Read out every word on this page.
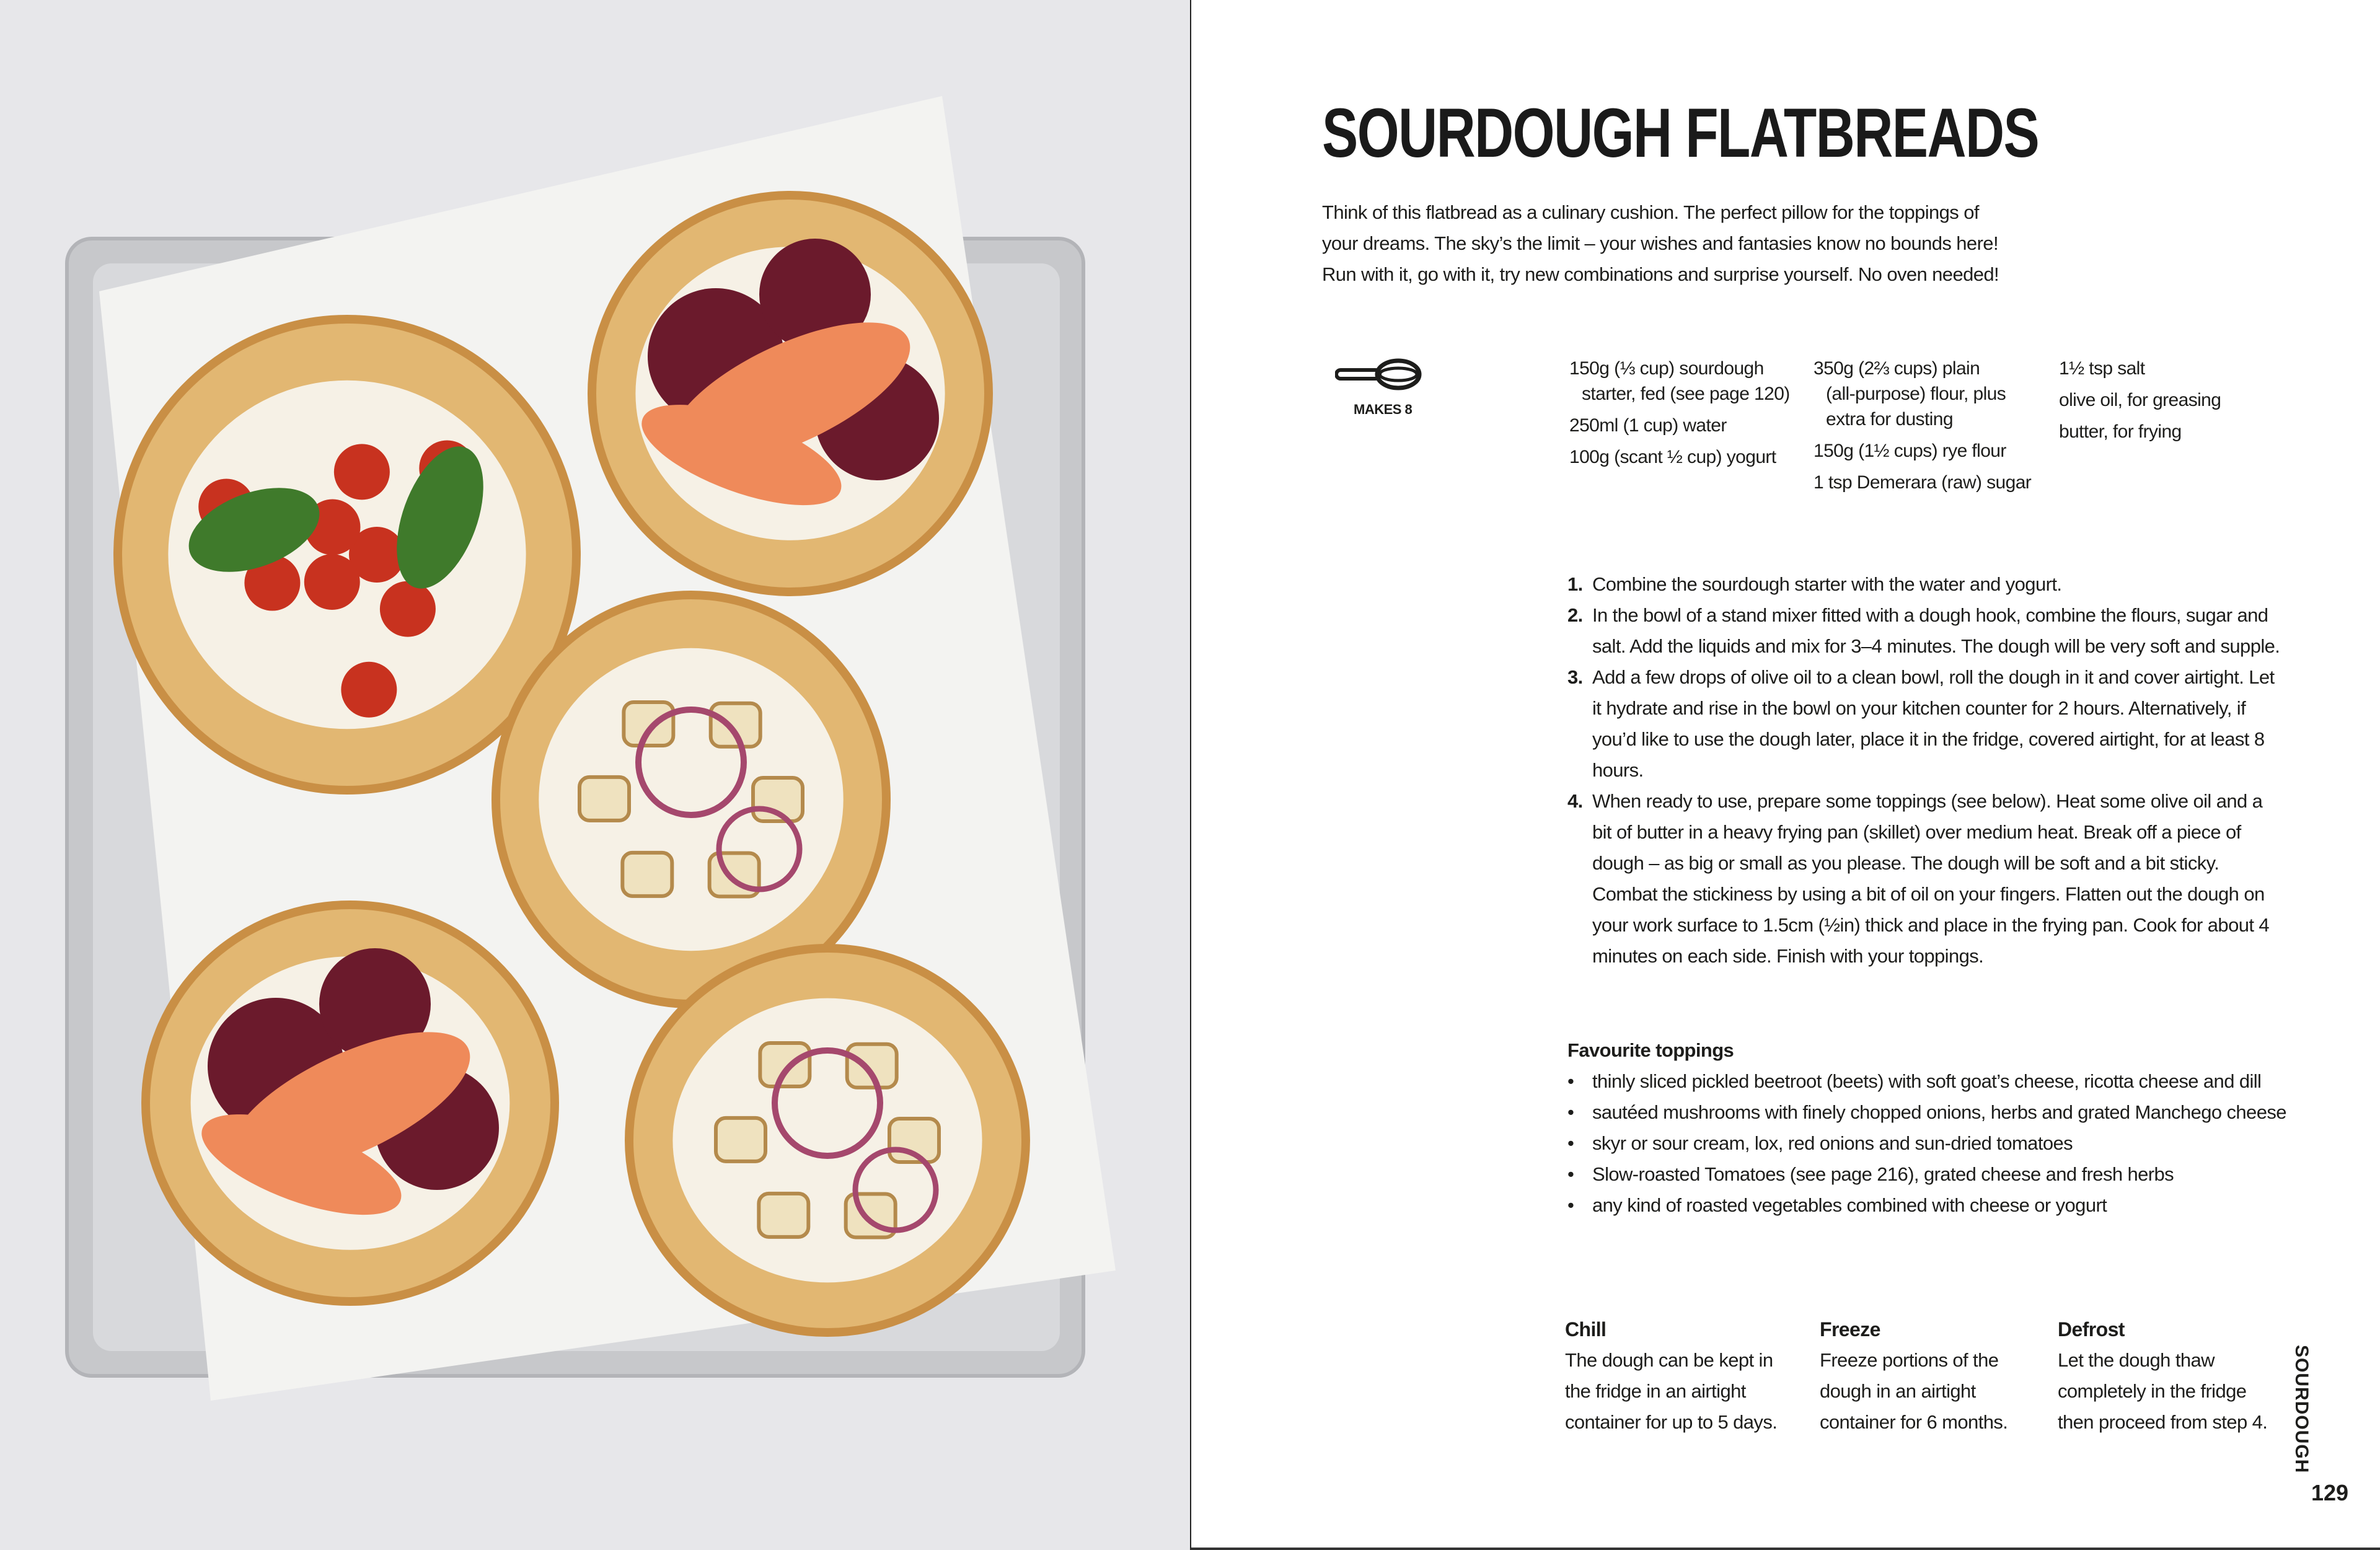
SOURDOUGH FLATBREADS
Think of this flatbread as a culinary cushion. The perfect pillow for the toppings of
your dreams. The sky’s the limit – your wishes and fantasies know no bounds here!
Run with it, go with it, try new combinations and surprise yourself. No oven needed!
MAKES 8
150g (⅓ cup) sourdough
starter, fed (see page 120)
250ml (1 cup) water
100g (scant ½ cup) yogurt
350g (2⅔ cups) plain
(all-purpose) flour, plus
extra for dusting
150g (1½ cups) rye flour
1 tsp Demerara (raw) sugar
1½ tsp salt
olive oil, for greasing
butter, for frying
1. Combine the sourdough starter with the water and yogurt.
2. In the bowl of a stand mixer fitted with a dough hook, combine the flours, sugar and salt. Add the liquids and mix for 3–4 minutes. The dough will be very soft and supple.
3. Add a few drops of olive oil to a clean bowl, roll the dough in it and cover airtight. Let it hydrate and rise in the bowl on your kitchen counter for 2 hours. Alternatively, if you’d like to use the dough later, place it in the fridge, covered airtight, for at least 8 hours.
4. When ready to use, prepare some toppings (see below). Heat some olive oil and a bit of butter in a heavy frying pan (skillet) over medium heat. Break off a piece of dough – as big or small as you please. The dough will be soft and a bit sticky. Combat the stickiness by using a bit of oil on your fingers. Flatten out the dough on your work surface to 1.5cm (½in) thick and place in the frying pan. Cook for about 4 minutes on each side. Finish with your toppings.
Favourite toppings
• thinly sliced pickled beetroot (beets) with soft goat’s cheese, ricotta cheese and dill
• sautéed mushrooms with finely chopped onions, herbs and grated Manchego cheese
• skyr or sour cream, lox, red onions and sun-dried tomatoes
• Slow-roasted Tomatoes (see page 216), grated cheese and fresh herbs
• any kind of roasted vegetables combined with cheese or yogurt
Chill
The dough can be kept in the fridge in an airtight container for up to 5 days.
Freeze
Freeze portions of the dough in an airtight container for 6 months.
Defrost
Let the dough thaw completely in the fridge then proceed from step 4.	SOURDOUGH
129
